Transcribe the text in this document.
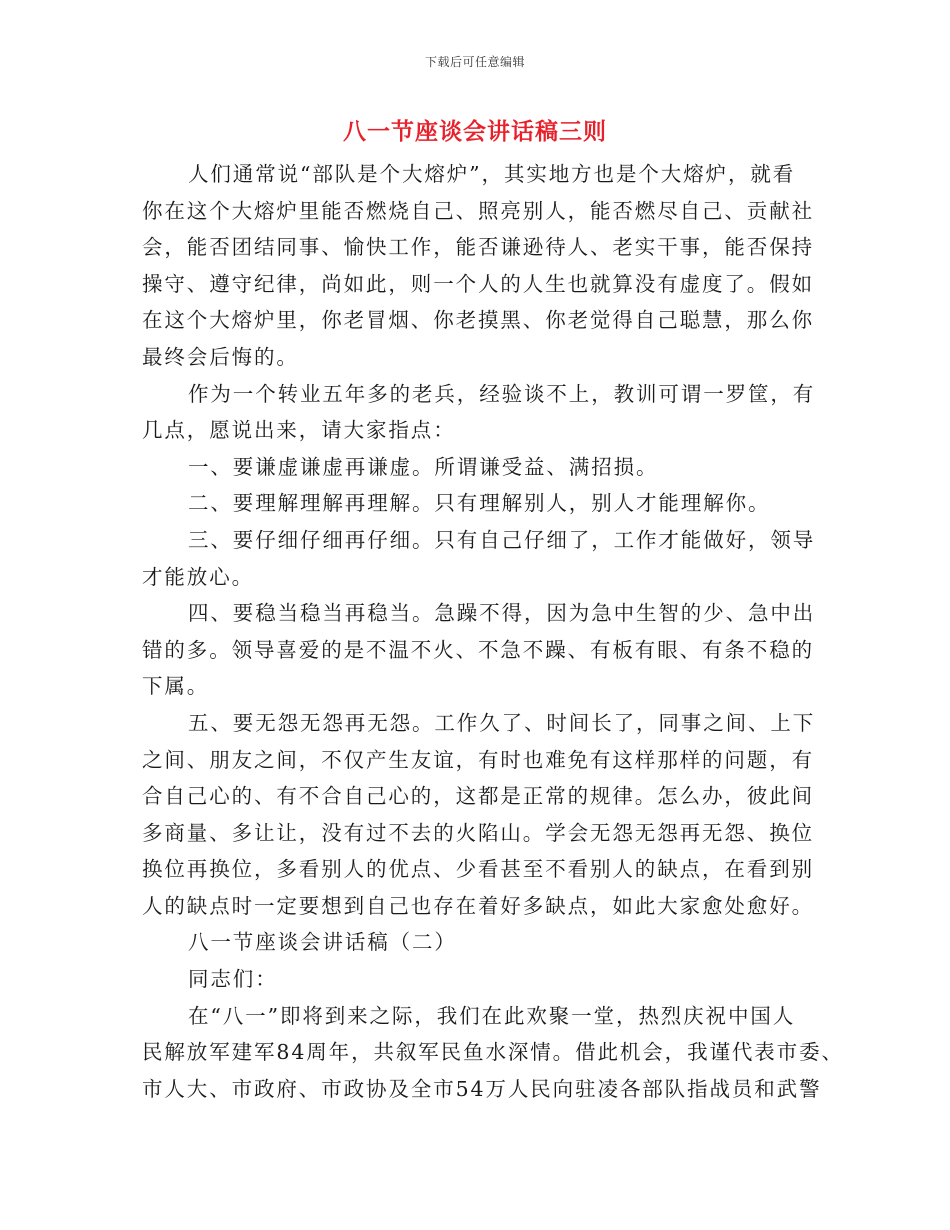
下载后可任意编辑
八一节座谈会讲话稿三则
人们通常说“部队是个大熔炉”，其实地方也是个大熔炉，就看
你在这个大熔炉里能否燃烧自己、照亮别人，能否燃尽自己、贡献社
会，能否团结同事、愉快工作，能否谦逊待人、老实干事，能否保持
操守、遵守纪律，尚如此，则一个人的人生也就算没有虚度了。假如
在这个大熔炉里，你老冒烟、你老摸黑、你老觉得自己聪慧，那么你
最终会后悔的。
作为一个转业五年多的老兵，经验谈不上，教训可谓一罗筐，有
几点，愿说出来，请大家指点：
一、要谦虚谦虚再谦虚。所谓谦受益、满招损。
二、要理解理解再理解。只有理解别人，别人才能理解你。
三、要仔细仔细再仔细。只有自己仔细了，工作才能做好，领导
才能放心。
四、要稳当稳当再稳当。急躁不得，因为急中生智的少、急中出
错的多。领导喜爱的是不温不火、不急不躁、有板有眼、有条不稳的
下属。
五、要无怨无怨再无怨。工作久了、时间长了，同事之间、上下
之间、朋友之间，不仅产生友谊，有时也难免有这样那样的问题，有
合自己心的、有不合自己心的，这都是正常的规律。怎么办，彼此间
多商量、多让让，没有过不去的火陷山。学会无怨无怨再无怨、换位
换位再换位，多看别人的优点、少看甚至不看别人的缺点，在看到别
人的缺点时一定要想到自己也存在着好多缺点，如此大家愈处愈好。
八一节座谈会讲话稿（二）
同志们：
在“八一”即将到来之际，我们在此欢聚一堂，热烈庆祝中国人
民解放军建军84周年，共叙军民鱼水深情。借此机会，我谨代表市委、
市人大、市政府、市政协及全市54万人民向驻凌各部队指战员和武警
